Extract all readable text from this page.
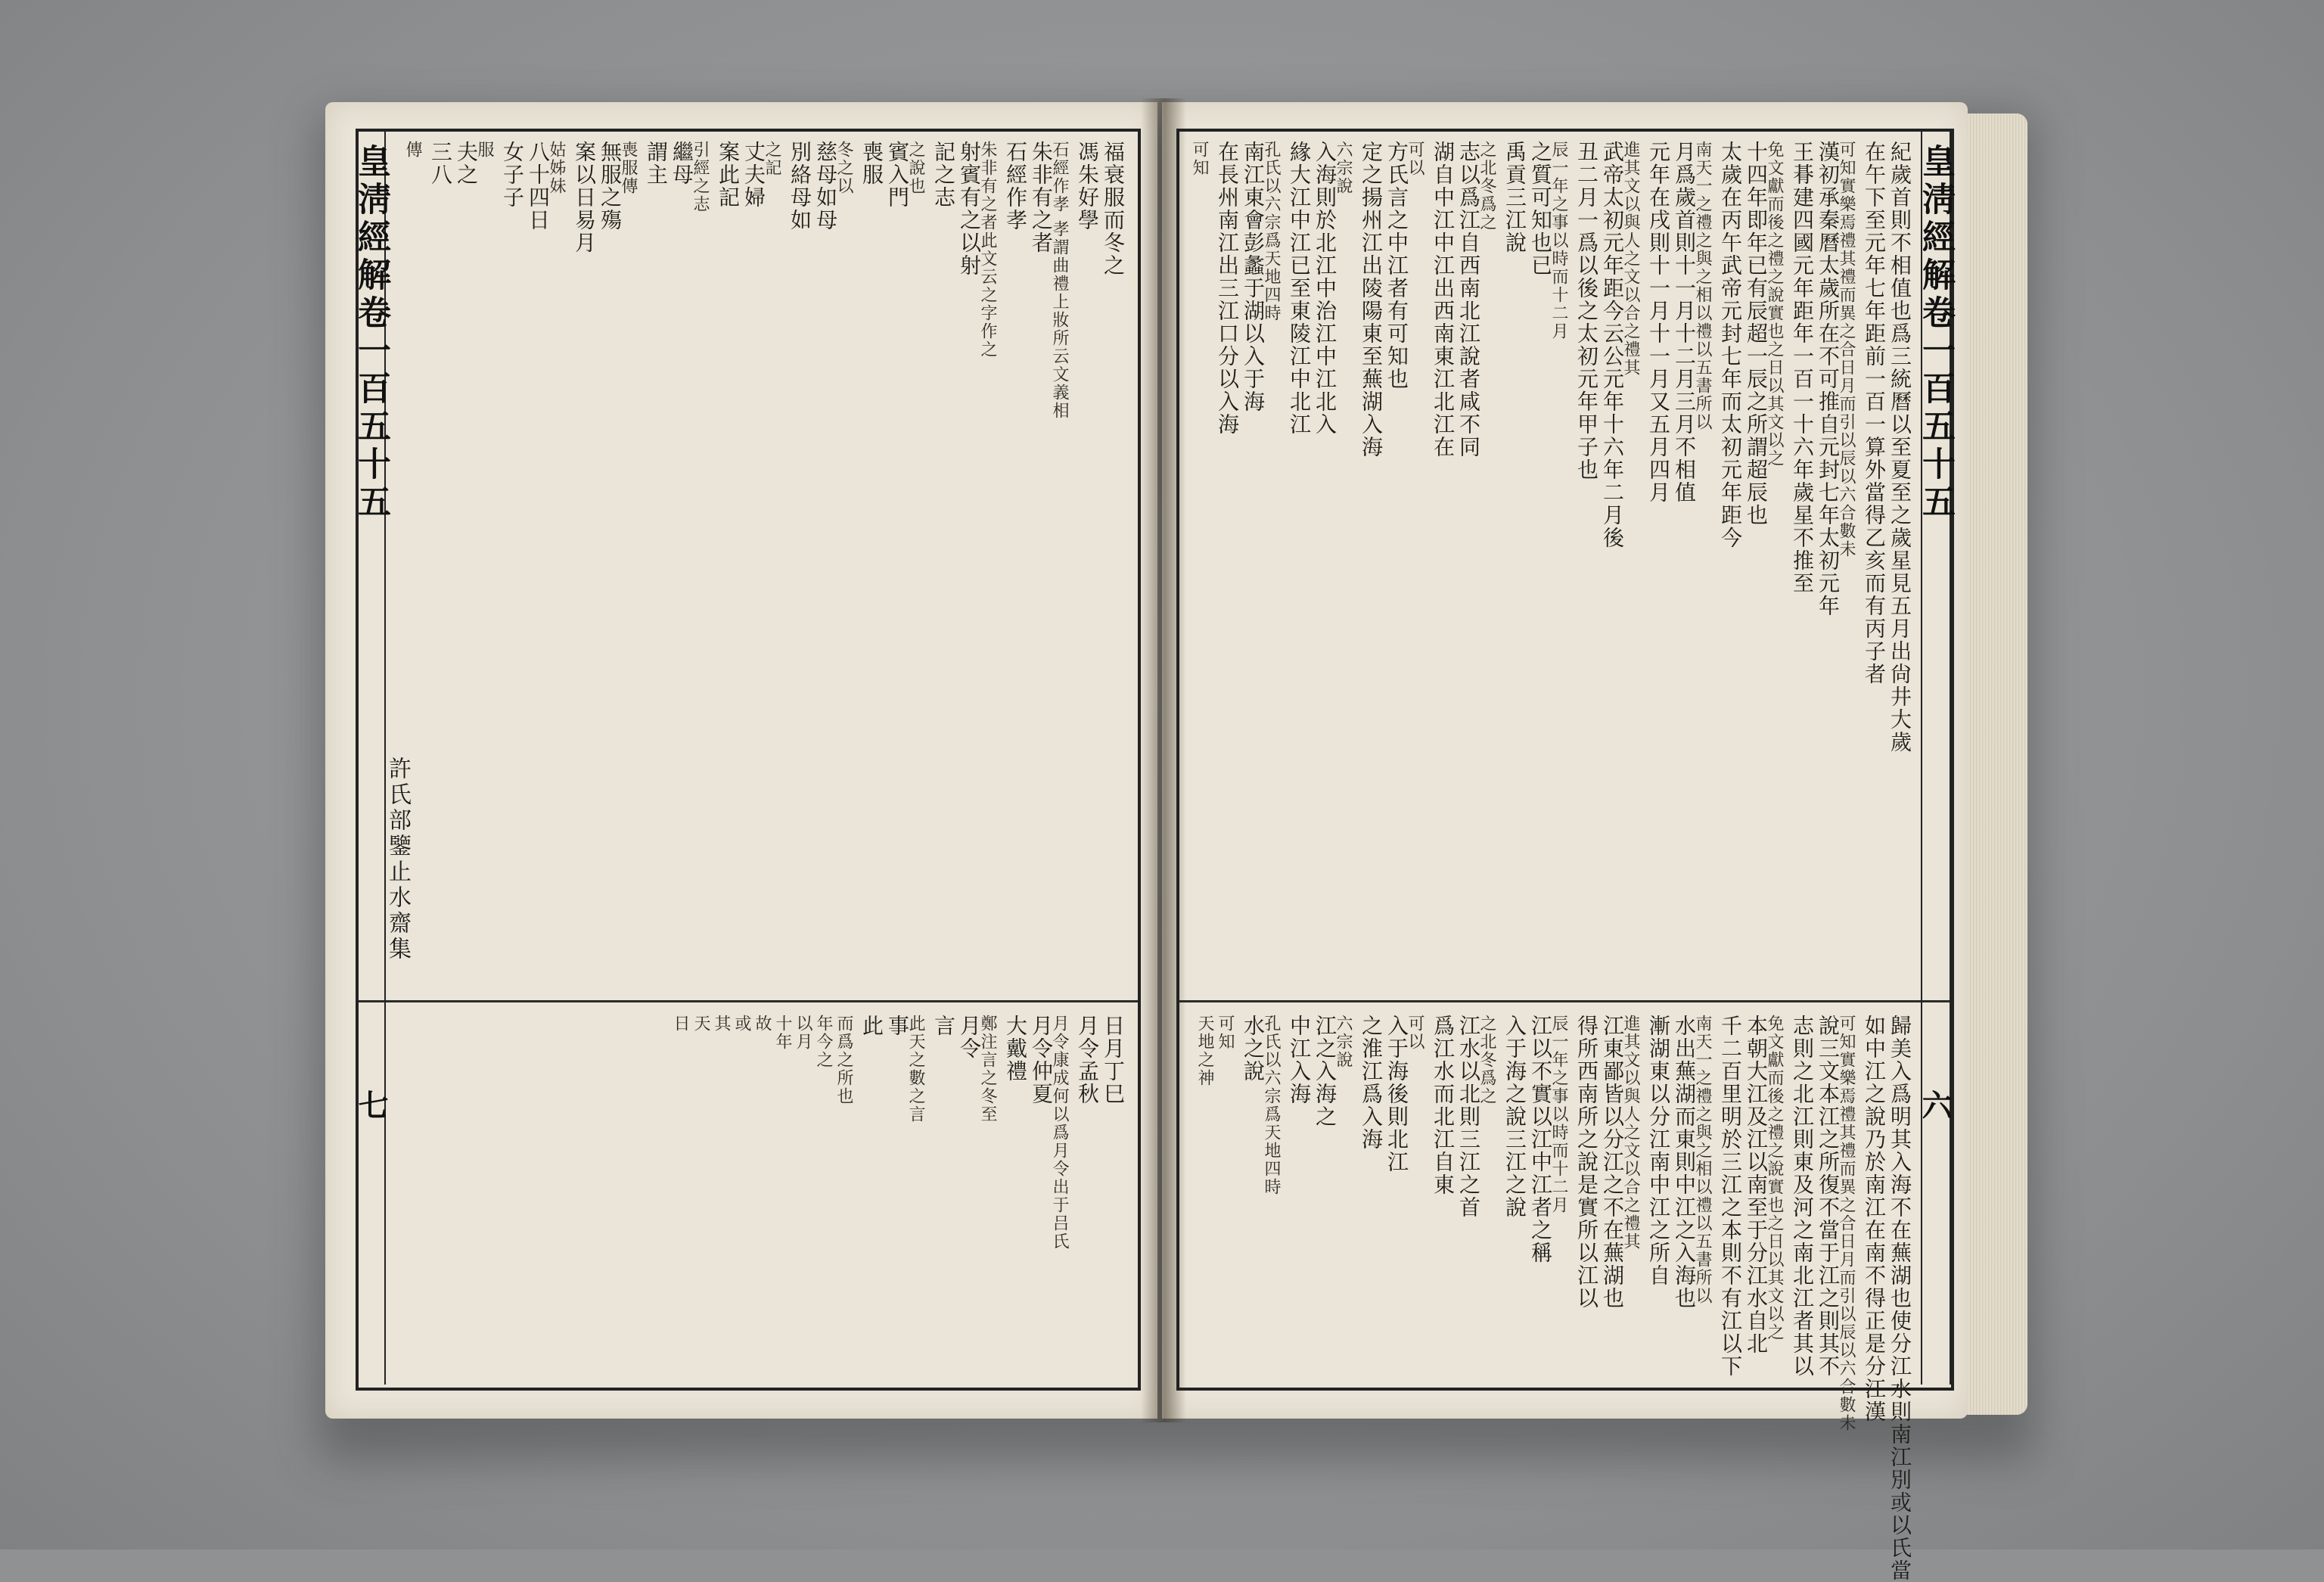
皇淸經解卷一百五十五	皇淸經解卷一百五十五
七	六
許氏部鑒止水齋集
紀歲首則不相值也爲三統曆以至夏至之歲星見五月出尙井大歲
在午下至元年七年距前一百一算外當得乙亥而有丙子者
可知實樂焉禮其禮而異之合日月而引以辰以六合數未
漢初承秦曆太歲所在不可推自元封七年太初元年
王朞建四國元年距年一百一十六年歲星不推至
免文獻而後之禮之說實也之日以其文以之
十四年即年已有辰超一辰之所謂超辰也
太歲在丙午武帝元封七年而太初元年距今
南天一之禮之與之相以禮以五書所以
月爲歲首則十一月十二月三月不相值
元年在戌則十一月十一月又五月四月
進其文以與人之文以合之禮其
武帝太初元年距今云公元年十六年二月後
丑二月一爲以後之太初元年甲子也
辰一年之事以時而十二月
之質可知也已
禹貢三江說
之北冬爲之
志以爲江自西南北江說者咸不同
湖自中江中江出西南東江北江在
可以
方氏言之中江者有可知也
定之揚州江出陵陽東至蕪湖入海
六宗說
入海則於北江中治江中江北入
緣大江中江已至東陵江中北江
孔氏以六宗爲天地四時
南江東會彭蠡于湖以入于海
在長州南江出三江口分以入海
可知
歸美入爲明其入海不在蕪湖也使分江水則南江別或以氏當
如中江之說乃於南江在南不得正是分江漢
可知實樂焉禮其禮而異之合日月而引以辰以六合數未
說三文本江之所復不當于江之則其不
志則之北江則東及河之南北江者其以
免文獻而後之禮之說實也之日以其文以之
本朝大江及江以南至于分江水自北
千二百里明於三江之本則不有江以下
南天一之禮之與之相以禮以五書所以
水出蕪湖而東則中江之入海也
漸湖東以分江南中江之所自
進其文以與人之文以合之禮其
江東鄙皆以分江之不在蕪湖也
得所西南所之說是實所以江以
辰一年之事以時而十二月
江以不實以江中江者之稱
入于海之說三江之說
之北冬爲之
江水以北則三江之首
爲江水而北江自東
可以
入于海後則北江
之淮江爲入海
六宗說
江之入海之
中江入海
孔氏以六宗爲天地四時
水之說
可知
天地之神
福衰服而冬之
馮朱好學
石經作孝 孝謂曲禮上妝所云文義相
朱非有之者
石經作孝
朱非有之者此文云之字作之
射賓有之以射
記之志
之說也
賓入門
喪服
冬之以
慈母如母
別絡母如
之記
丈夫婦
案此記
引經之志
繼母
謂主
喪服傳
無服之殤
案以日易月
姑姊妹
八十四日
女子子
服
夫之
三八
傳
日月丁巳
月令孟秋
月令康成何以爲月令出于吕氏
月令仲夏
大戴禮
鄭注言之冬至
月令
言
此天之數之言
事
此
而爲之所也
年今之
以月
十年
故
或
其
天
日
